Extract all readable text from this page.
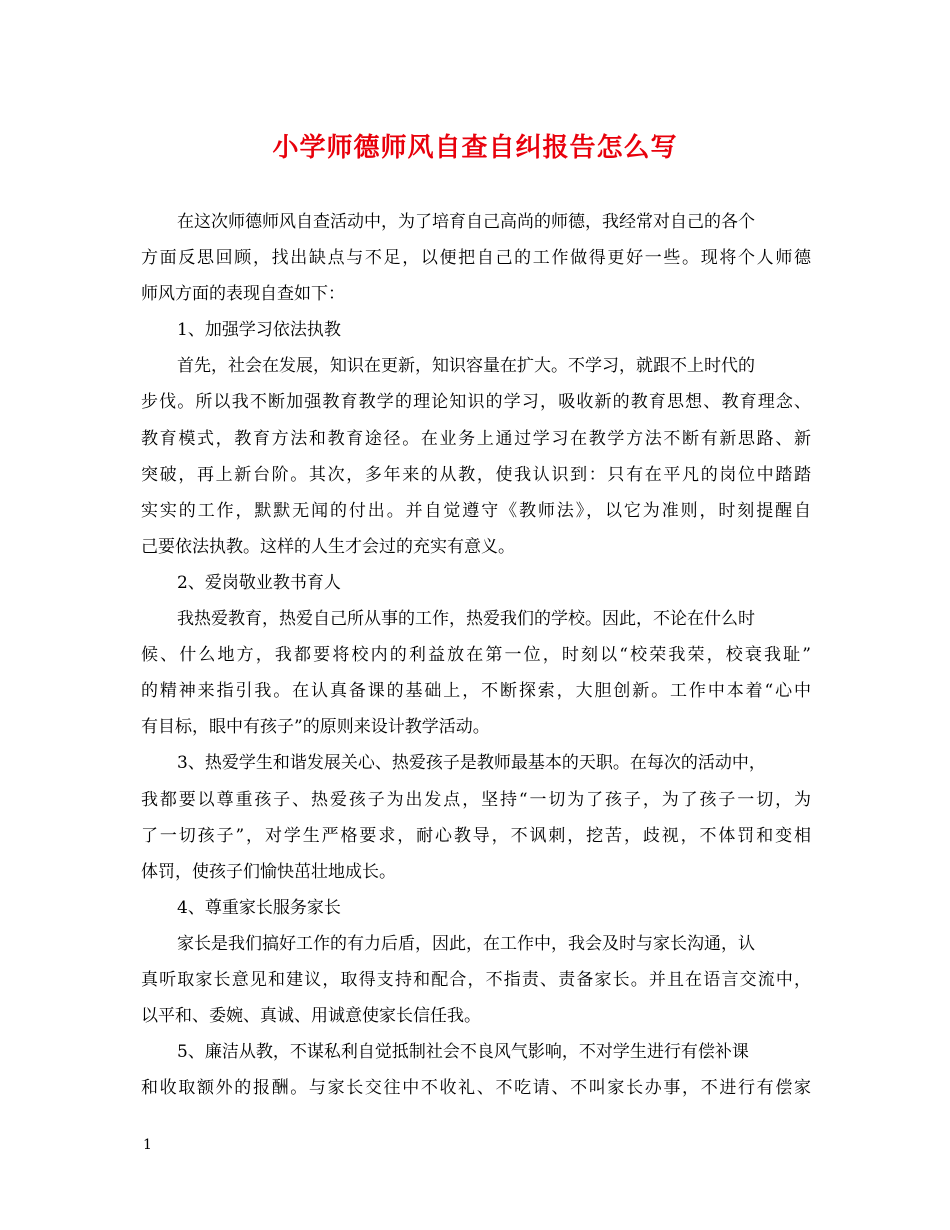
小学师德师风自查自纠报告怎么写
在这次师德师风自查活动中，为了培育自己高尚的师德，我经常对自己的各个
方面反思回顾，找出缺点与不足，以便把自己的工作做得更好一些。现将个人师德
师风方面的表现自查如下：
1、加强学习依法执教
首先，社会在发展，知识在更新，知识容量在扩大。不学习，就跟不上时代的
步伐。所以我不断加强教育教学的理论知识的学习，吸收新的教育思想、教育理念、
教育模式，教育方法和教育途径。在业务上通过学习在教学方法不断有新思路、新
突破，再上新台阶。其次，多年来的从教，使我认识到：只有在平凡的岗位中踏踏
实实的工作，默默无闻的付出。并自觉遵守《教师法》，以它为准则，时刻提醒自
己要依法执教。这样的人生才会过的充实有意义。
2、爱岗敬业教书育人
我热爱教育，热爱自己所从事的工作，热爱我们的学校。因此，不论在什么时
候、什么地方，我都要将校内的利益放在第一位，时刻以“校荣我荣，校衰我耻”
的精神来指引我。在认真备课的基础上，不断探索，大胆创新。工作中本着“心中
有目标，眼中有孩子”的原则来设计教学活动。
3、热爱学生和谐发展关心、热爱孩子是教师最基本的天职。在每次的活动中，
我都要以尊重孩子、热爱孩子为出发点，坚持“一切为了孩子，为了孩子一切，为
了一切孩子”，对学生严格要求，耐心教导，不讽刺，挖苦，歧视，不体罚和变相
体罚，使孩子们愉快茁壮地成长。
4、尊重家长服务家长
家长是我们搞好工作的有力后盾，因此，在工作中，我会及时与家长沟通，认
真听取家长意见和建议，取得支持和配合，不指责、责备家长。并且在语言交流中，
以平和、委婉、真诚、用诚意使家长信任我。
5、廉洁从教，不谋私利自觉抵制社会不良风气影响，不对学生进行有偿补课
和收取额外的报酬。与家长交往中不收礼、不吃请、不叫家长办事，不进行有偿家
1
